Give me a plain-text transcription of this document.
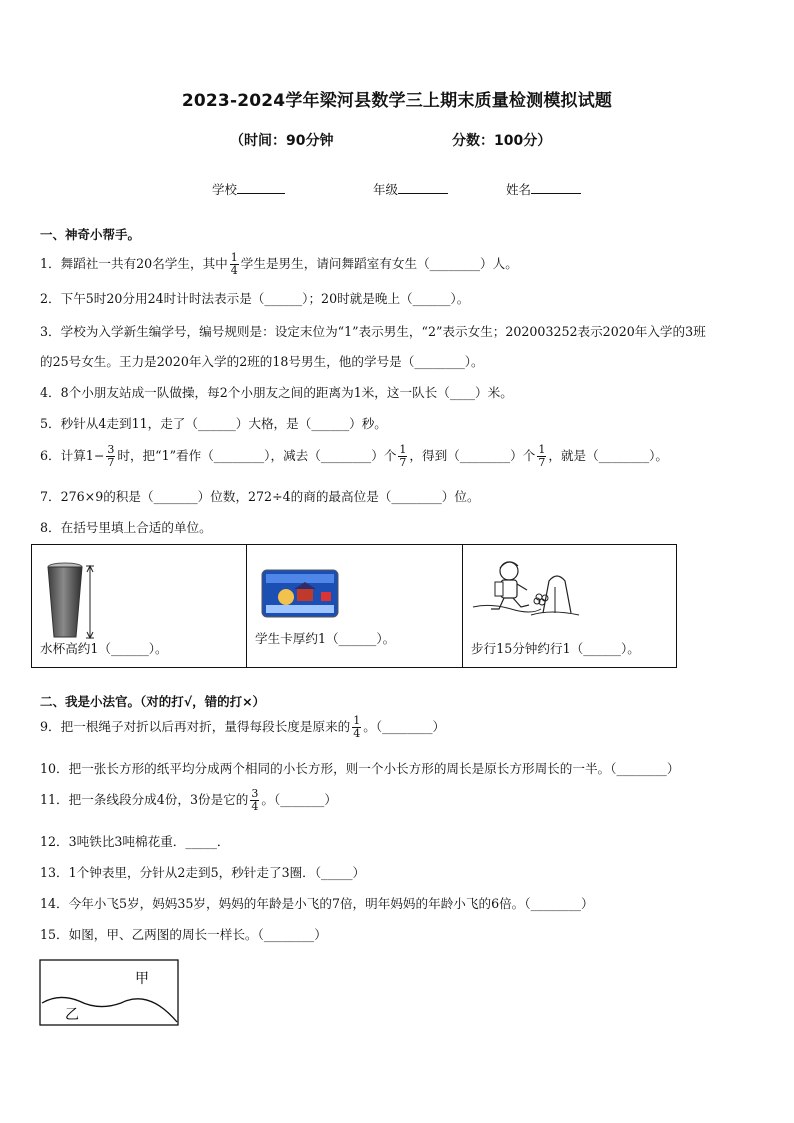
2023-2024学年梁河县数学三上期末质量检测模拟试题
（时间：90分钟	分数：100分）
学校	年级	姓名
一、神奇小帮手。
1．舞蹈社一共有20名学生，其中 $\frac{1}{4}$ 学生是男生，请问舞蹈室有女生（________）人。
2．下午5时20分用24时计时法表示是（______）；20时就是晚上（______）。
3．学校为入学新生编学号，编号规则是：设定末位为“1”表示男生，“2”表示女生；202003252表示2020年入学的3班
的25号女生。王力是2020年入学的2班的18号男生，他的学号是（________）。
4．8个小朋友站成一队做操，每2个小朋友之间的距离为1米，这一队长（____）米。
5．秒针从4走到11，走了（______）大格，是（______）秒。
6．计算$1- \frac{3}{7}$ 时，把“1”看作（________），减去（________）个 $\frac{1}{7}$ ，得到（________）个 $\frac{1}{7}$ ，就是（________）。
7．276×9的积是（_______）位数，272÷4的商的最高位是（________）位。
8．在括号里填上合适的单位。
水杯高约1（______）。
学生卡厚约1（______）。
步行15分钟约行1（______）。
二、我是小法官。（对的打√，错的打×）
9．把一根绳子对折以后再对折，量得每段长度是原来的 $\frac{1}{4}$ 。（________）
10．把一张长方形的纸平均分成两个相同的小长方形，则一个小长方形的周长是原长方形周长的一半。（________）
11．把一条线段分成4份，3份是它的 $\frac{3}{4}$ 。（_______）
12．3吨铁比3吨棉花重．_____．
13．1个钟表里，分针从2走到5，秒针走了3圈．（_____）
14．今年小飞5岁，妈妈35岁，妈妈的年龄是小飞的7倍，明年妈妈的年龄小飞的6倍。（________）
15．如图，甲、乙两图的周长一样长。（________）
甲
乙
